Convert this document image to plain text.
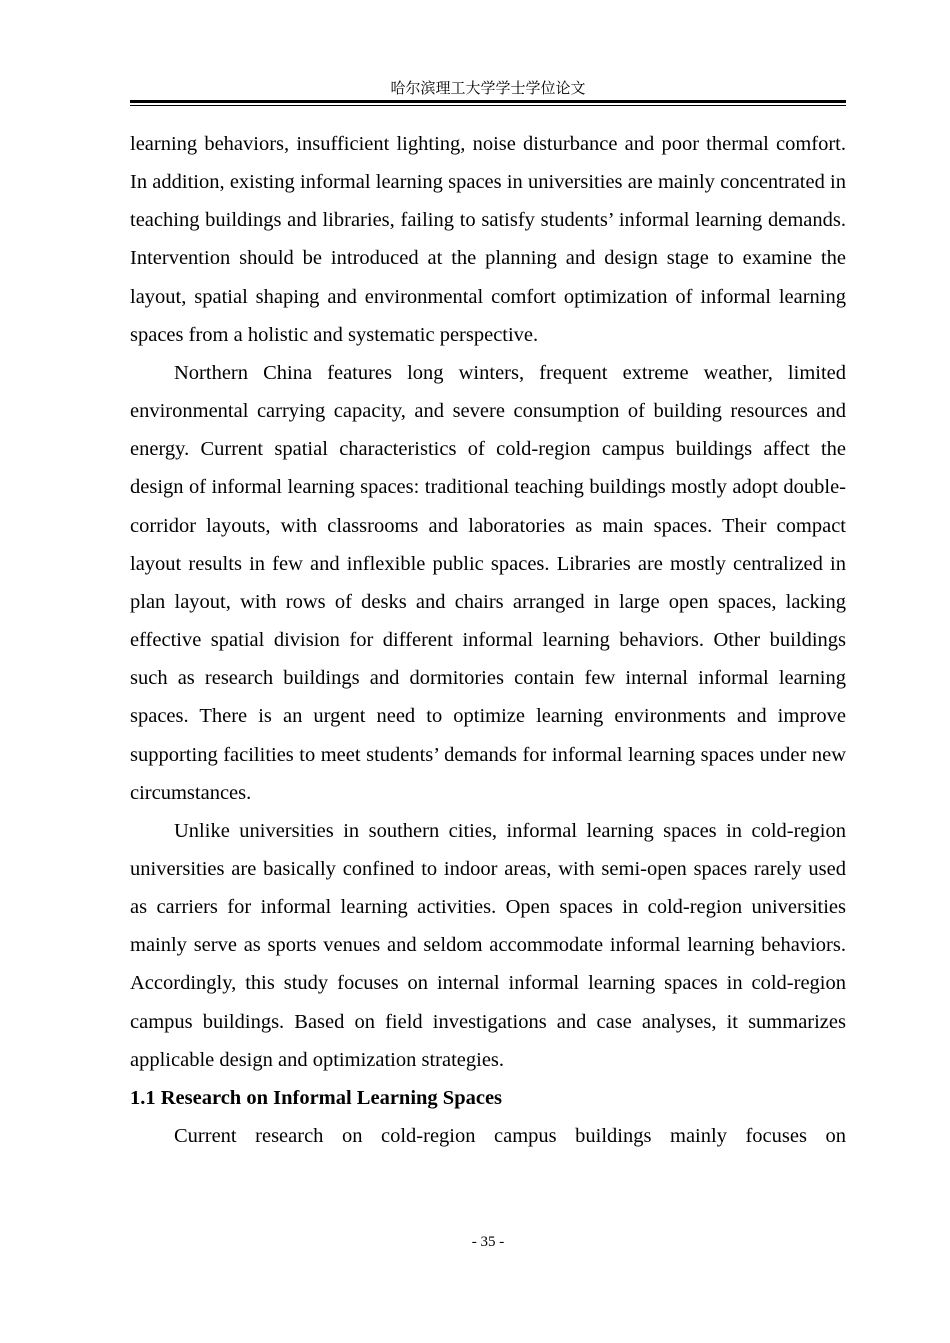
哈尔滨理工大学学士学位论文

learning behaviors, insufficient lighting, noise disturbance and poor thermal comfort. In addition, existing informal learning spaces in universities are mainly concentrated in teaching buildings and libraries, failing to satisfy students’ informal learning demands. Intervention should be introduced at the planning and design stage to examine the layout, spatial shaping and environmental comfort optimization of informal learning spaces from a holistic and systematic perspective.

Northern China features long winters, frequent extreme weather, limited environmental carrying capacity, and severe consumption of building resources and energy. Current spatial characteristics of cold-region campus buildings affect the design of informal learning spaces: traditional teaching buildings mostly adopt double-corridor layouts, with classrooms and laboratories as main spaces. Their compact layout results in few and inflexible public spaces. Libraries are mostly centralized in plan layout, with rows of desks and chairs arranged in large open spaces, lacking effective spatial division for different informal learning behaviors. Other buildings such as research buildings and dormitories contain few internal informal learning spaces. There is an urgent need to optimize learning environments and improve supporting facilities to meet students’ demands for informal learning spaces under new circumstances.

Unlike universities in southern cities, informal learning spaces in cold-region universities are basically confined to indoor areas, with semi-open spaces rarely used as carriers for informal learning activities. Open spaces in cold-region universities mainly serve as sports venues and seldom accommodate informal learning behaviors. Accordingly, this study focuses on internal informal learning spaces in cold-region campus buildings. Based on field investigations and case analyses, it summarizes applicable design and optimization strategies.

1.1 Research on Informal Learning Spaces

Current research on cold-region campus buildings mainly focuses on

- 35 -
